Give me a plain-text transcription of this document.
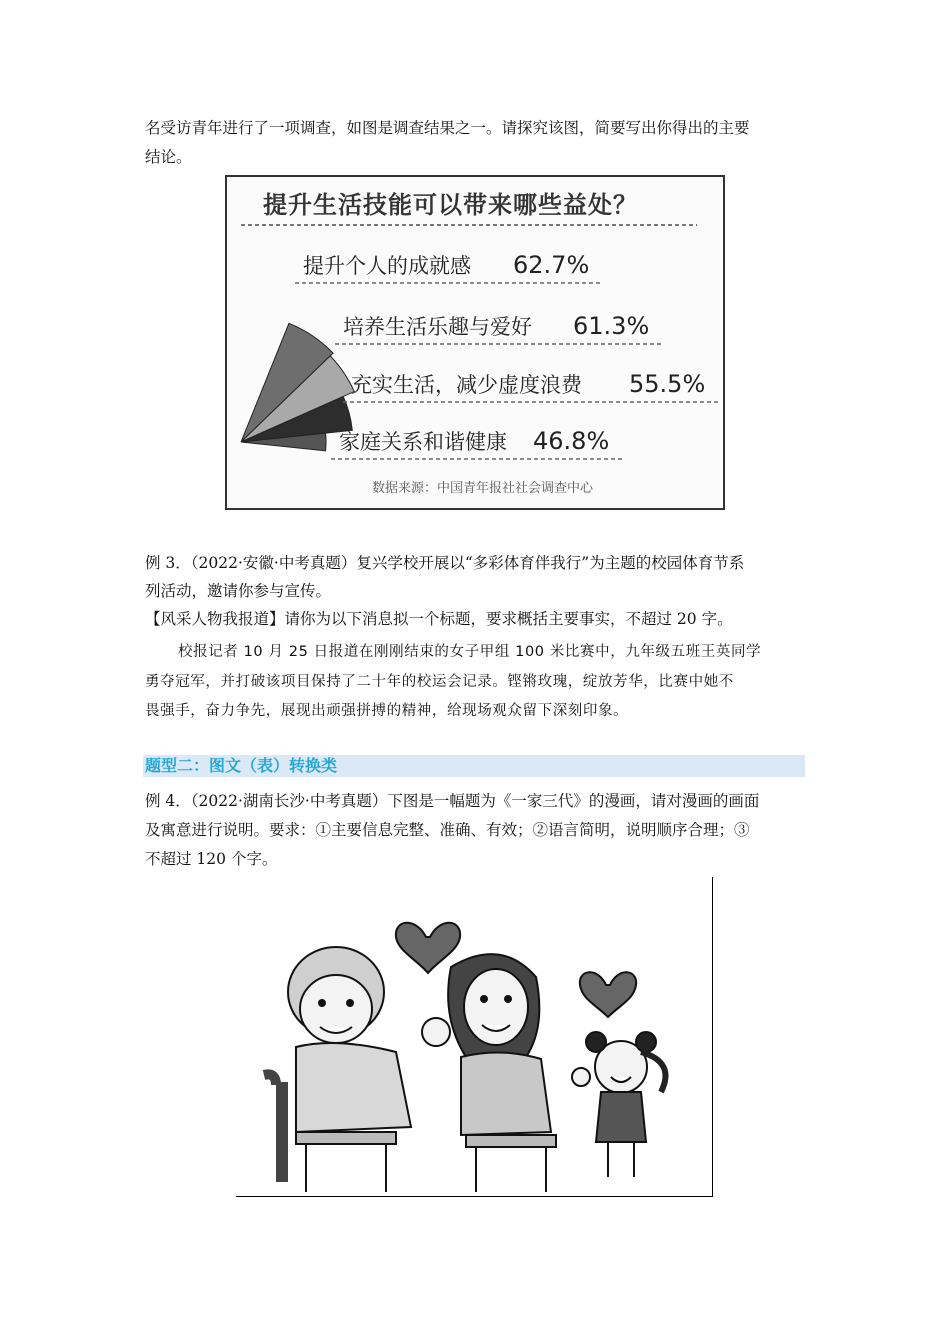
名受访青年进行了一项调查，如图是调查结果之一。请探究该图，简要写出你得出的主要
结论。
提升生活技能可以带来哪些益处？
提升个人的成就感 62.7%
培养生活乐趣与爱好 61.3%
充实生活，减少虚度浪费 55.5%
家庭关系和谐健康 46.8%
数据来源：中国青年报社社会调查中心
例 3．（2022·安徽·中考真题）复兴学校开展以“多彩体育伴我行”为主题的校园体育节系
列活动，邀请你参与宣传。
【风采人物我报道】请你为以下消息拟一个标题，要求概括主要事实，不超过 20 字。
校报记者 10 月 25 日报道在刚刚结束的女子甲组 100 米比赛中，九年级五班王英同学
勇夺冠军，并打破该项目保持了二十年的校运会记录。铿锵玫瑰，绽放芳华，比赛中她不
畏强手，奋力争先，展现出顽强拼搏的精神，给现场观众留下深刻印象。
题型二：图文（表）转换类
例 4．（2022·湖南长沙·中考真题）下图是一幅题为《一家三代》的漫画，请对漫画的画面
及寓意进行说明。要求：①主要信息完整、准确、有效；②语言简明，说明顺序合理；③
不超过 120 个字。
